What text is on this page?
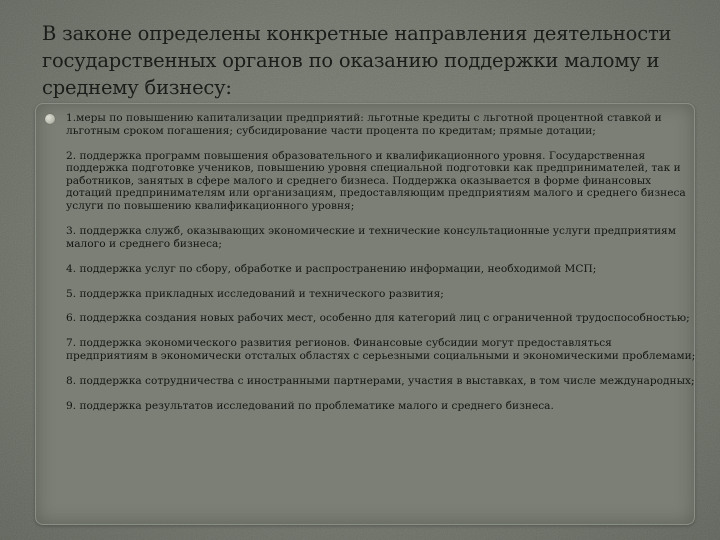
В законе определены конкретные направления деятельности государственных органов по оказанию поддержки малому и среднему бизнесу:
1.меры по повышению капитализации предприятий: льготные кредиты с льготной процентной ставкой и льготным сроком погашения; субсидирование части процента по кредитам; прямые дотации;
2. поддержка программ повышения образовательного и квалификационного уровня. Государственная поддержка подготовке учеников, повышению уровня специальной подготовки как предпринимателей, так и работников, занятых в сфере малого и среднего бизнеса. Поддержка оказывается в форме финансовых дотаций предпринимателям или организациям, предоставляющим предприятиям малого и среднего бизнеса услуги по повышению квалификационного уровня;
3. поддержка служб, оказывающих экономические и технические консультационные услуги предприятиям малого и среднего бизнеса;
4. поддержка услуг по сбору, обработке и распространению информации, необходимой МСП;
5. поддержка прикладных исследований и технического развития;
6. поддержка создания новых рабочих мест, особенно для категорий лиц с ограниченной трудоспособностью;
7. поддержка экономического развития регионов. Финансовые субсидии могут предоставляться предприятиям в экономически отсталых областях с серьезными социальными и экономическими проблемами;
8. поддержка сотрудничества с иностранными партнерами, участия в выставках, в том числе международных;
9. поддержка результатов исследований по проблематике малого и среднего бизнеса.
